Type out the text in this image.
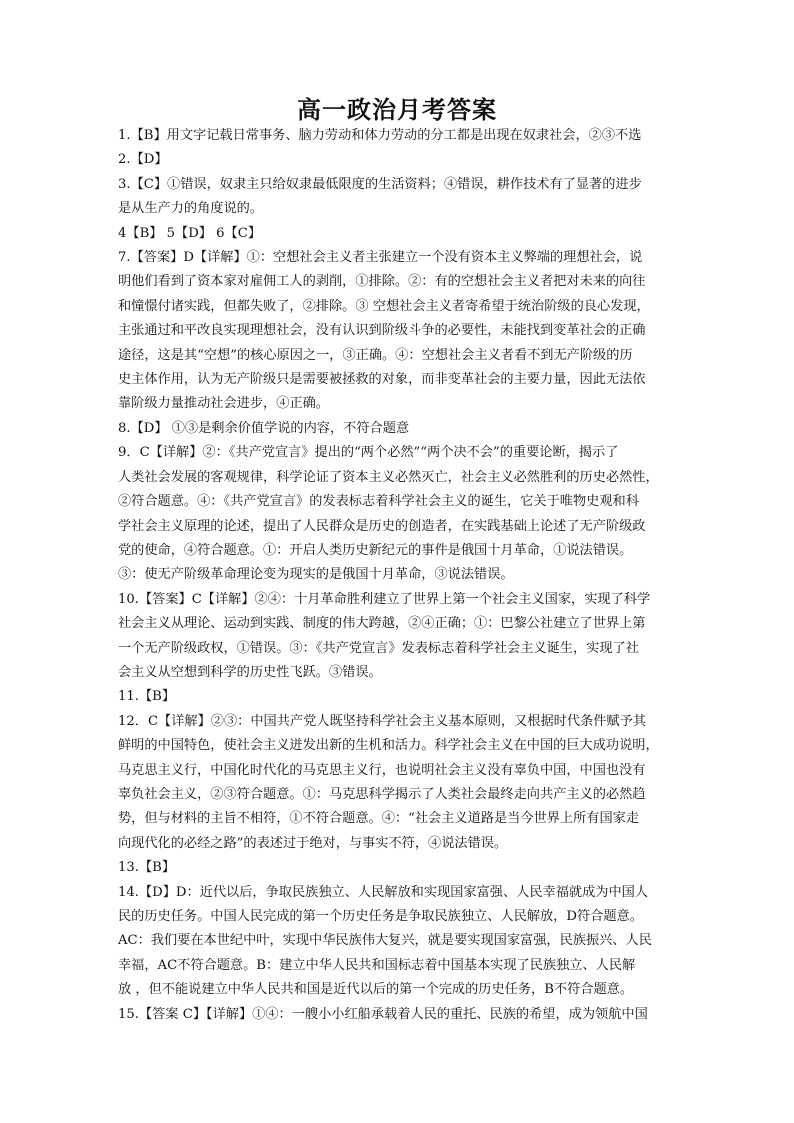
高一政治月考答案

1.【B】用文字记载日常事务、脑力劳动和体力劳动的分工都是出现在奴隶社会，②③不选

2.【D】

3.【C】①错误，奴隶主只给奴隶最低限度的生活资料；④错误，耕作技术有了显著的进步

是从生产力的角度说的。

4【B】 5【D】 6【C】

7.【答案】D【详解】①：空想社会主义者主张建立一个没有资本主义弊端的理想社会，说

明他们看到了资本家对雇佣工人的剥削，①排除。②：有的空想社会主义者把对未来的向往

和憧憬付诸实践，但都失败了，②排除。③ 空想社会主义者寄希望于统治阶级的良心发现，

主张通过和平改良实现理想社会，没有认识到阶级斗争的必要性，未能找到变革社会的正确

途径，这是其“空想”的核心原因之一，③正确。④：空想社会主义者看不到无产阶级的历

史主体作用，认为无产阶级只是需要被拯救的对象，而非变革社会的主要力量，因此无法依

靠阶级力量推动社会进步，④正确。

8.【D】 ①③是剩余价值学说的内容，不符合题意

9．C【详解】②：《共产党宣言》提出的“两个必然”“两个决不会”的重要论断，揭示了

人类社会发展的客观规律，科学论证了资本主义必然灭亡，社会主义必然胜利的历史必然性，

②符合题意。④：《共产党宣言》的发表标志着科学社会主义的诞生，它关于唯物史观和科

学社会主义原理的论述，提出了人民群众是历史的创造者，在实践基础上论述了无产阶级政

党的使命，④符合题意。①：开启人类历史新纪元的事件是俄国十月革命，①说法错误。

③：使无产阶级革命理论变为现实的是俄国十月革命，③说法错误。

10.【答案】C【详解】②④：十月革命胜利建立了世界上第一个社会主义国家，实现了科学

社会主义从理论、运动到实践、制度的伟大跨越，②④正确；①：巴黎公社建立了世界上第

一个无产阶级政权，①错误。③：《共产党宣言》发表标志着科学社会主义诞生，实现了社

会主义从空想到科学的历史性飞跃。③错误。

11.【B】

12．C【详解】②③：中国共产党人既坚持科学社会主义基本原则，又根据时代条件赋予其

鲜明的中国特色，使社会主义迸发出新的生机和活力。科学社会主义在中国的巨大成功说明，

马克思主义行，中国化时代化的马克思主义行，也说明社会主义没有辜负中国，中国也没有

辜负社会主义，②③符合题意。①：马克思科学揭示了人类社会最终走向共产主义的必然趋

势，但与材料的主旨不相符，①不符合题意。④：“社会主义道路是当今世界上所有国家走

向现代化的必经之路”的表述过于绝对，与事实不符，④说法错误。

13.【B】

14.【D】D：近代以后，争取民族独立、人民解放和实现国家富强、人民幸福就成为中国人

民的历史任务。中国人民完成的第一个历史任务是争取民族独立、人民解放，D符合题意。

AC：我们要在本世纪中叶，实现中华民族伟大复兴，就是要实现国家富强，民族振兴、人民

幸福，AC不符合题意。B：建立中华人民共和国标志着中国基本实现了民族独立、人民解

放 ，但不能说建立中华人民共和国是近代以后的第一个完成的历史任务，B不符合题意。

15.【答案 C】【详解】①④：一艘小小红船承载着人民的重托、民族的希望，成为领航中国
